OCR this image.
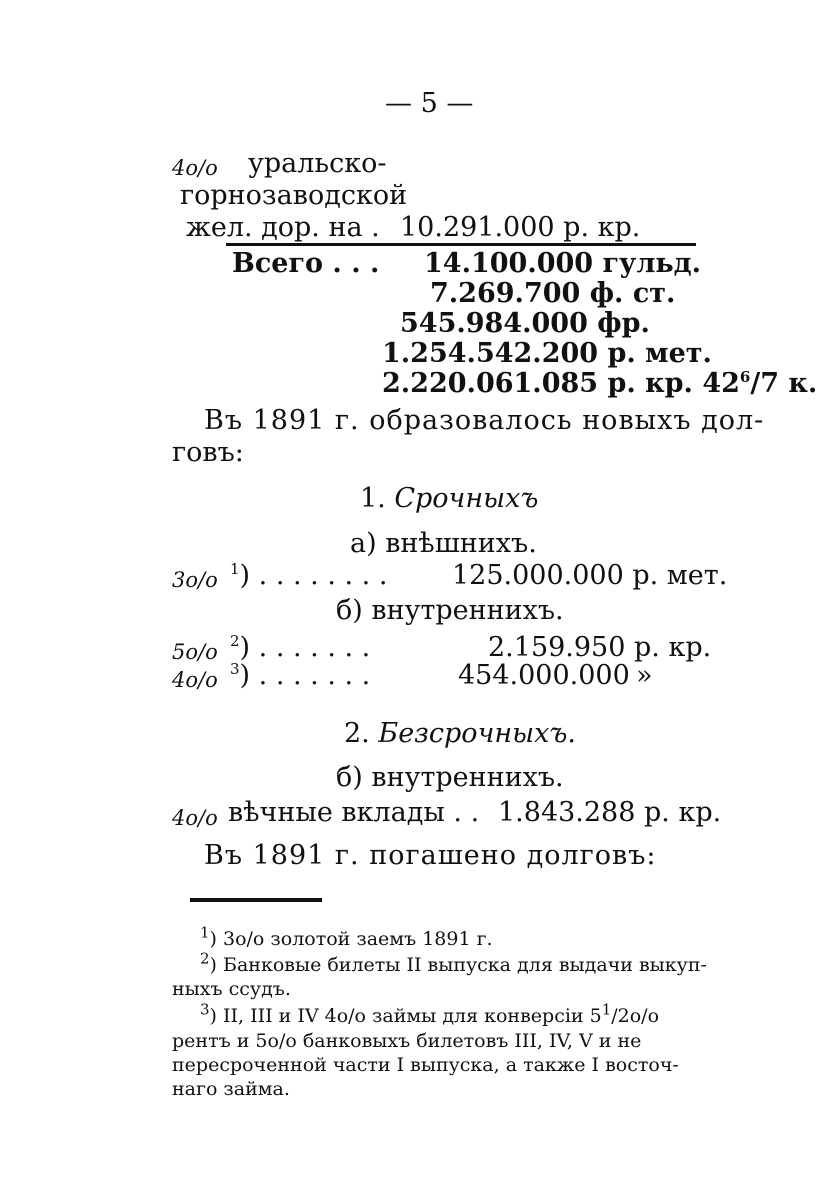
— 5 —
4o/o уральско-
горнозаводской
жел. дор. на . 10.291.000 р. кр.
Всего . . . 14.100.000 гульд.
7.269.700 ф. ст.
545.984.000 фр.
1.254.542.200 р. мет.
2.220.061.085 р. кр. $42^6/7$ к.
Въ 1891 г. образовалось новыхъ дол-
говъ:
1. Срочныхъ
а) внѣшнихъ.
3o/o $^1$) . . . . . . . . 125.000.000 р. мет.
б) внутреннихъ.
5o/o $^2$) . . . . . . .	2.159.950 р. кр.
4o/o $^3$) . . . . . . .	454.000.000 »
2. Безсрочныхъ.
б) внутреннихъ.
4o/o вѣчные вклады . . 1.843.288 р. кр.
Въ 1891 г. погашено долговъ:
$^1$) 3o/o золотой заемъ 1891 г.
$^2$) Банковые билеты II выпуска для выдачи выкуп-
ныхъ ссудъ.
$^3$) II, III и IV 4o/o займы для конверсіи $5^1/2o/o$
рентъ и 5o/o банковыхъ билетовъ III, IV, V и не
пересроченной части I выпуска, а также I восточ-
наго займа.
